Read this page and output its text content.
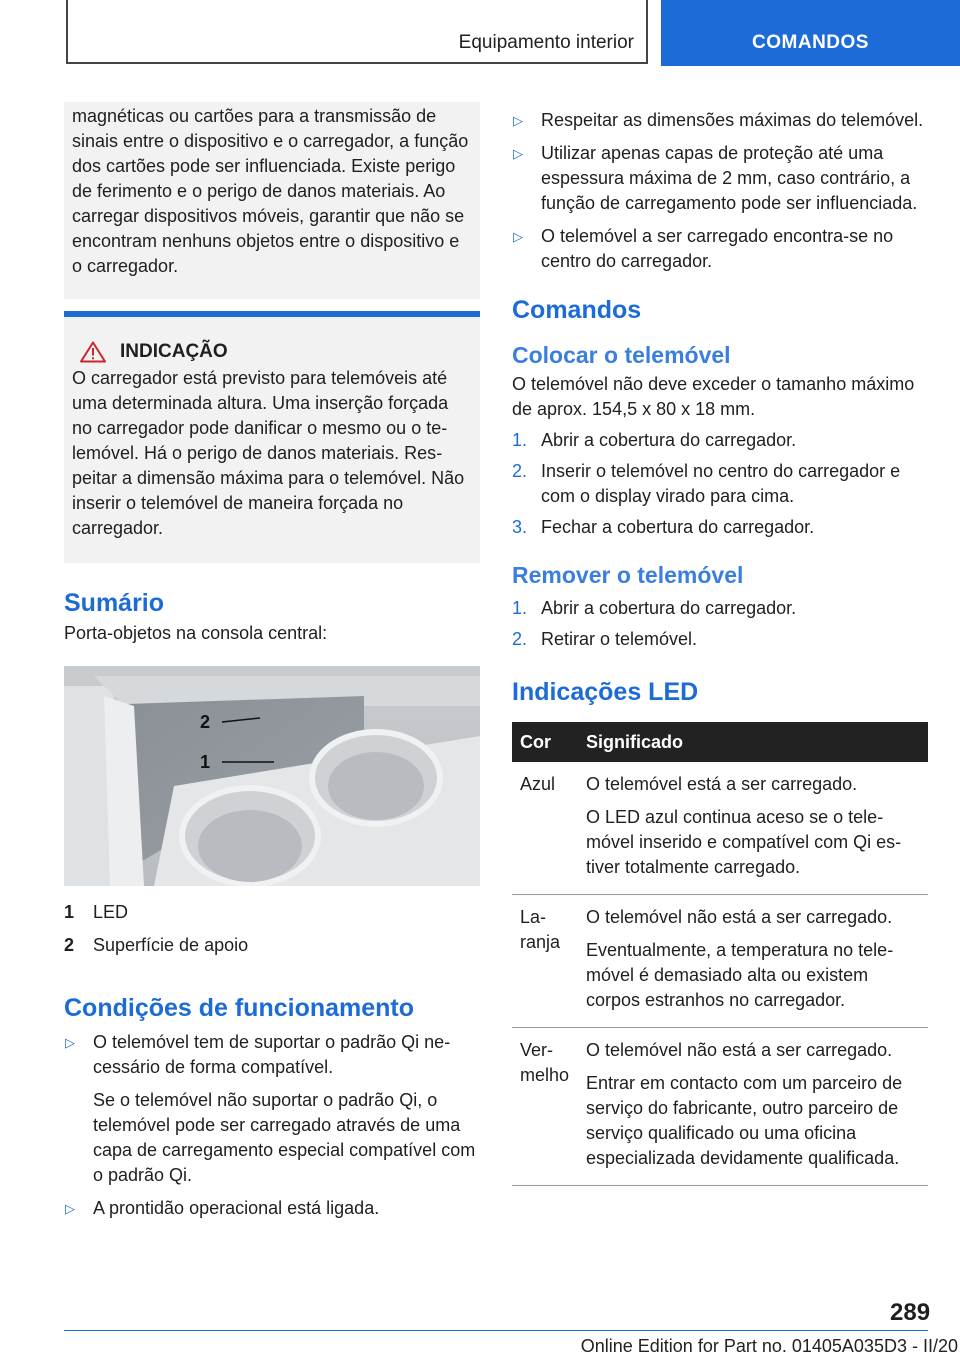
Equipamento interior	COMANDOS

magnéticas ou cartões para a transmissão de sinais entre o dispositivo e o carregador, a função dos cartões pode ser influenciada. Existe perigo de ferimento e o perigo de danos materiais. Ao carregar dispositivos móveis, garantir que não se encontram nenhuns objetos entre o dispositivo e o carregador.

INDICAÇÃO

O carregador está previsto para telemóveis até uma determinada altura. Uma inserção forçada no carregador pode danificar o mesmo ou o telemóvel. Há o perigo de danos materiais. Respeitar a dimensão máxima para o telemóvel. Não inserir o telemóvel de maneira forçada no carregador.

Sumário

Porta-objetos na consola central:

2
1
1	LED
2	Superfície de apoio
Condições de funcionamento
▷	O telemóvel tem de suportar o padrão Qi necessário de forma compatível.

Se o telemóvel não suportar o padrão Qi, o telemóvel pode ser carregado através de uma capa de carregamento especial compatível com o padrão Qi.

▷	A prontidão operacional está ligada.

▷	Respeitar as dimensões máximas do telemóvel.

▷	Utilizar apenas capas de proteção até uma espessura máxima de 2 mm, caso contrário, a função de carregamento pode ser influenciada.

▷	O telemóvel a ser carregado encontra-se no centro do carregador.

Comandos
Colocar o telemóvel

O telemóvel não deve exceder o tamanho máximo de aprox. 154,5 x 80 x 18 mm.

1. Abrir a cobertura do carregador.
2. Inserir o telemóvel no centro do carregador e com o display virado para cima.
3. Fechar a cobertura do carregador.
Remover o telemóvel
1. Abrir a cobertura do carregador.
2. Retirar o telemóvel.
Indicações LED
Cor	Significado
Azul	O telemóvel está a ser carregado.

O LED azul continua aceso se o telemóvel inserido e compatível com Qi estiver totalmente carregado.

Laranja	O telemóvel não está a ser carregado.

Eventualmente, a temperatura no telemóvel é demasiado alta ou existem corpos estranhos no carregador.

Vermelho	O telemóvel não está a ser carregado.

Entrar em contacto com um parceiro de serviço do fabricante, outro parceiro de serviço qualificado ou uma oficina especializada devidamente qualificada.

289
Online Edition for Part no. 01405A035D3 - II/20
